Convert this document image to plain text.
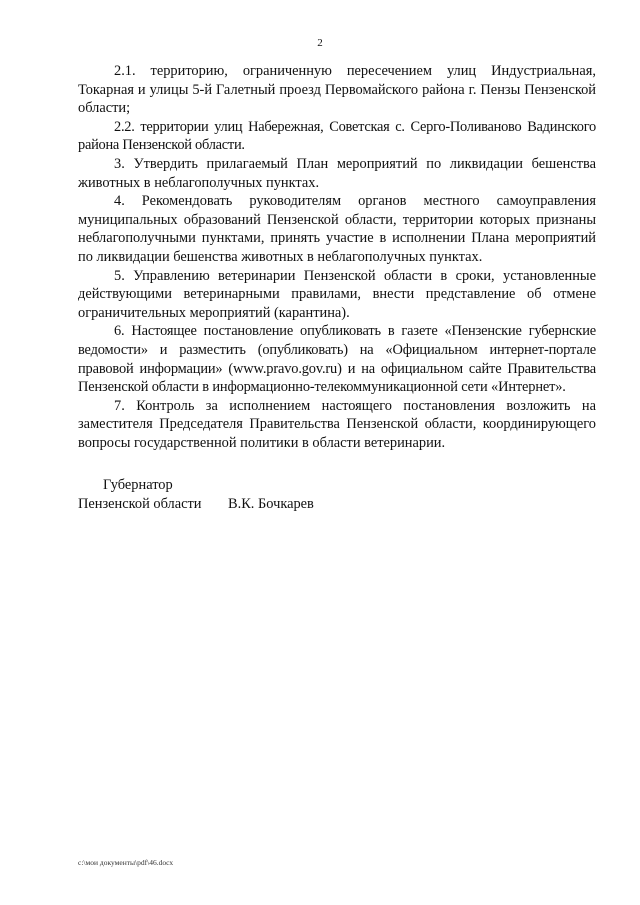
2

2.1. территорию, ограниченную пересечением улиц Индустриальная, Токарная и улицы 5-й Галетный проезд Первомайского района г. Пензы Пензенской области;

2.2. территории улиц Набережная, Советская с. Серго-Поливаново Вадинского района Пензенской области.

3. Утвердить прилагаемый План мероприятий по ликвидации бешенства животных в неблагополучных пунктах.

4. Рекомендовать руководителям органов местного самоуправления муниципальных образований Пензенской области, территории которых признаны неблагополучными пунктами, принять участие в исполнении Плана мероприятий по ликвидации бешенства животных в неблагополучных пунктах.

5. Управлению ветеринарии Пензенской области в сроки, установленные действующими ветеринарными правилами, внести представление об отмене ограничительных мероприятий (карантина).

6. Настоящее постановление опубликовать в газете «Пензенские губернские ведомости» и разместить (опубликовать) на «Официальном интернет-портале правовой информации» (www.pravo.gov.ru) и на официальном сайте Правительства Пензенской области в информационно-телекоммуникационной сети «Интернет».

7. Контроль за исполнением настоящего постановления возложить на заместителя Председателя Правительства Пензенской области, координирующего вопросы государственной политики в области ветеринарии.

Губернатор
Пензенской области	В.К. Бочкарев
c:\мои документы\pdf\46.docx
